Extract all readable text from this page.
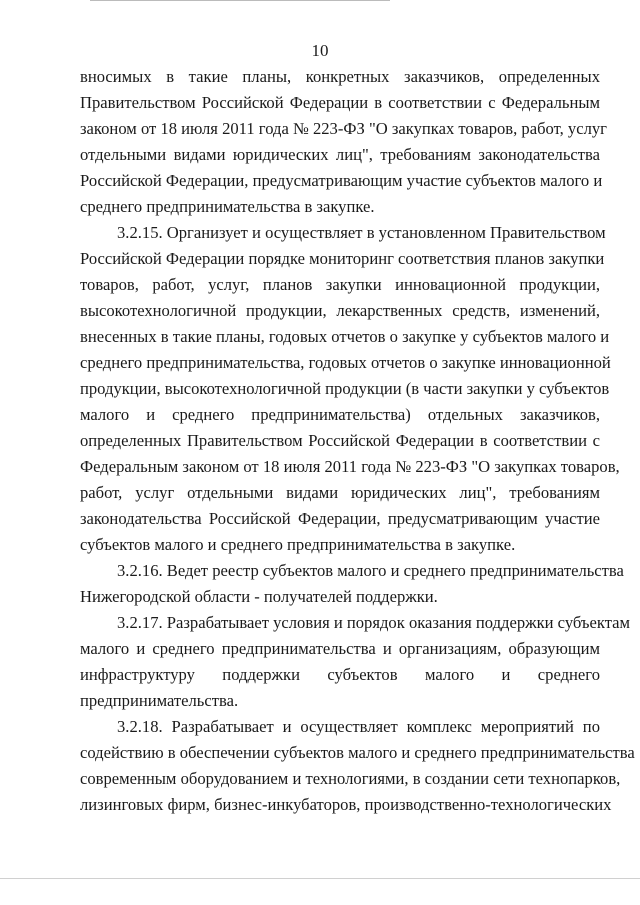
10
вносимых в такие планы, конкретных заказчиков, определенных
Правительством Российской Федерации в соответствии с Федеральным
законом от 18 июля 2011 года № 223-ФЗ "О закупках товаров, работ, услуг
отдельными видами юридических лиц", требованиям законодательства
Российской Федерации, предусматривающим участие субъектов малого и
среднего предпринимательства в закупке.
3.2.15. Организует и осуществляет в установленном Правительством
Российской Федерации порядке мониторинг соответствия планов закупки
товаров, работ, услуг, планов закупки инновационной продукции,
высокотехнологичной продукции, лекарственных средств, изменений,
внесенных в такие планы, годовых отчетов о закупке у субъектов малого и
среднего предпринимательства, годовых отчетов о закупке инновационной
продукции, высокотехнологичной продукции (в части закупки у субъектов
малого и среднего предпринимательства) отдельных заказчиков,
определенных Правительством Российской Федерации в соответствии с
Федеральным законом от 18 июля 2011 года № 223-ФЗ "О закупках товаров,
работ, услуг отдельными видами юридических лиц", требованиям
законодательства Российской Федерации, предусматривающим участие
субъектов малого и среднего предпринимательства в закупке.
3.2.16. Ведет реестр субъектов малого и среднего предпринимательства
Нижегородской области - получателей поддержки.
3.2.17. Разрабатывает условия и порядок оказания поддержки субъектам
малого и среднего предпринимательства и организациям, образующим
инфраструктуру поддержки субъектов малого и среднего
предпринимательства.
3.2.18. Разрабатывает и осуществляет комплекс мероприятий по
содействию в обеспечении субъектов малого и среднего предпринимательства
современным оборудованием и технологиями, в создании сети технопарков,
лизинговых фирм, бизнес-инкубаторов, производственно-технологических
